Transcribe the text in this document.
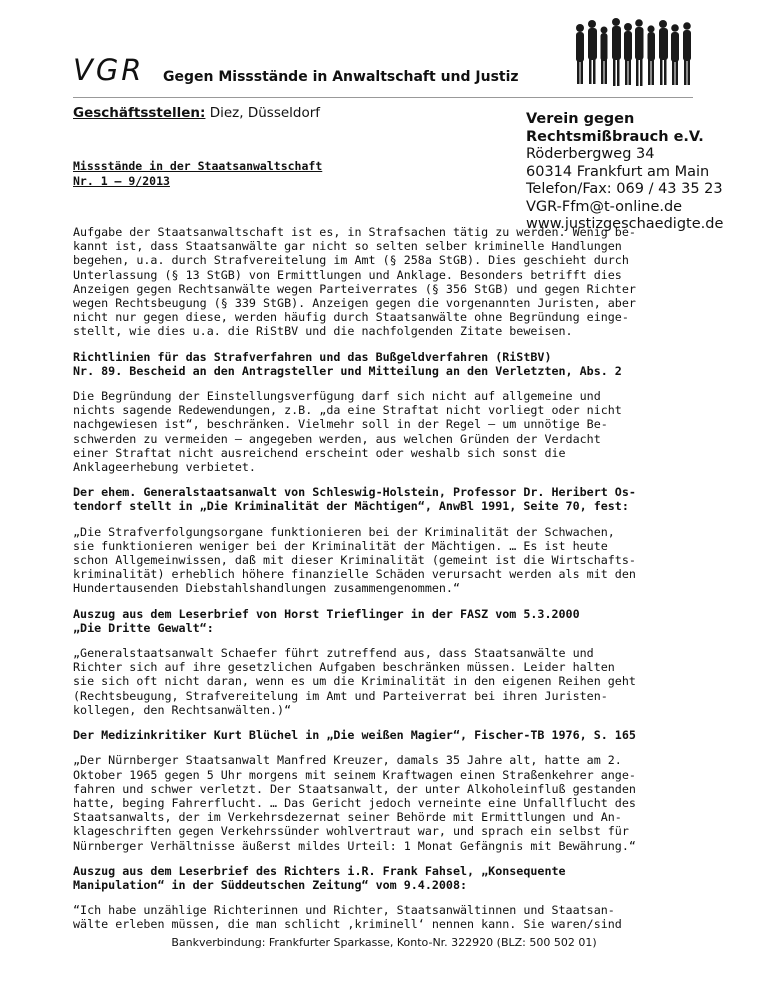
VGR Gegen Missstände in Anwaltschaft und Justiz
Geschäftsstellen: Diez, Düsseldorf	Verein gegen
Rechtsmißbrauch e.V.
Röderbergweg 34
60314 Frankfurt am Main
Telefon/Fax: 069 / 43 35 23
VGR-Ffm@t-online.de
www.justizgeschaedigte.de
Missstände in der Staatsanwaltschaft
Nr. 1 – 9/2013

Aufgabe der Staatsanwaltschaft ist es, in Strafsachen tätig zu werden. Wenig be-
kannt ist, dass Staatsanwälte gar nicht so selten selber kriminelle Handlungen
begehen, u.a. durch Strafvereitelung im Amt (§ 258a StGB). Dies geschieht durch
Unterlassung (§ 13 StGB) von Ermittlungen und Anklage. Besonders betrifft dies
Anzeigen gegen Rechtsanwälte wegen Parteiverrates (§ 356 StGB) und gegen Richter
wegen Rechtsbeugung (§ 339 StGB). Anzeigen gegen die vorgenannten Juristen, aber
nicht nur gegen diese, werden häufig durch Staatsanwälte ohne Begründung einge-
stellt, wie dies u.a. die RiStBV und die nachfolgenden Zitate beweisen.

Richtlinien für das Strafverfahren und das Bußgeldverfahren (RiStBV)
Nr. 89. Bescheid an den Antragsteller und Mitteilung an den Verletzten, Abs. 2

Die Begründung der Einstellungsverfügung darf sich nicht auf allgemeine und
nichts sagende Redewendungen, z.B. „da eine Straftat nicht vorliegt oder nicht
nachgewiesen ist“, beschränken. Vielmehr soll in der Regel – um unnötige Be-
schwerden zu vermeiden – angegeben werden, aus welchen Gründen der Verdacht
einer Straftat nicht ausreichend erscheint oder weshalb sich sonst die
Anklageerhebung verbietet.

Der ehem. Generalstaatsanwalt von Schleswig-Holstein, Professor Dr. Heribert Os-
tendorf stellt in „Die Kriminalität der Mächtigen“, AnwBl 1991, Seite 70, fest:

„Die Strafverfolgungsorgane funktionieren bei der Kriminalität der Schwachen,
sie funktionieren weniger bei der Kriminalität der Mächtigen. … Es ist heute
schon Allgemeinwissen, daß mit dieser Kriminalität (gemeint ist die Wirtschafts-
kriminalität) erheblich höhere finanzielle Schäden verursacht werden als mit den
Hundertausenden Diebstahlshandlungen zusammengenommen.“

Auszug aus dem Leserbrief von Horst Trieflinger in der FASZ vom 5.3.2000
„Die Dritte Gewalt“:

„Generalstaatsanwalt Schaefer führt zutreffend aus, dass Staatsanwälte und
Richter sich auf ihre gesetzlichen Aufgaben beschränken müssen. Leider halten
sie sich oft nicht daran, wenn es um die Kriminalität in den eigenen Reihen geht
(Rechtsbeugung, Strafvereitelung im Amt und Parteiverrat bei ihren Juristen-
kollegen, den Rechtsanwälten.)“

Der Medizinkritiker Kurt Blüchel in „Die weißen Magier“, Fischer-TB 1976, S. 165

„Der Nürnberger Staatsanwalt Manfred Kreuzer, damals 35 Jahre alt, hatte am 2.
Oktober 1965 gegen 5 Uhr morgens mit seinem Kraftwagen einen Straßenkehrer ange-
fahren und schwer verletzt. Der Staatsanwalt, der unter Alkoholeinfluß gestanden
hatte, beging Fahrerflucht. … Das Gericht jedoch verneinte eine Unfallflucht des
Staatsanwalts, der im Verkehrsdezernat seiner Behörde mit Ermittlungen und An-
klageschriften gegen Verkehrssünder wohlvertraut war, und sprach ein selbst für
Nürnberger Verhältnisse äußerst mildes Urteil: 1 Monat Gefängnis mit Bewährung.“

Auszug aus dem Leserbrief des Richters i.R. Frank Fahsel, „Konsequente
Manipulation“ in der Süddeutschen Zeitung“ vom 9.4.2008:

“Ich habe unzählige Richterinnen und Richter, Staatsanwältinnen und Staatsan-
wälte erleben müssen, die man schlicht ‚kriminell‘ nennen kann. Sie waren/sind

Bankverbindung: Frankfurter Sparkasse, Konto-Nr. 322920 (BLZ: 500 502 01)
